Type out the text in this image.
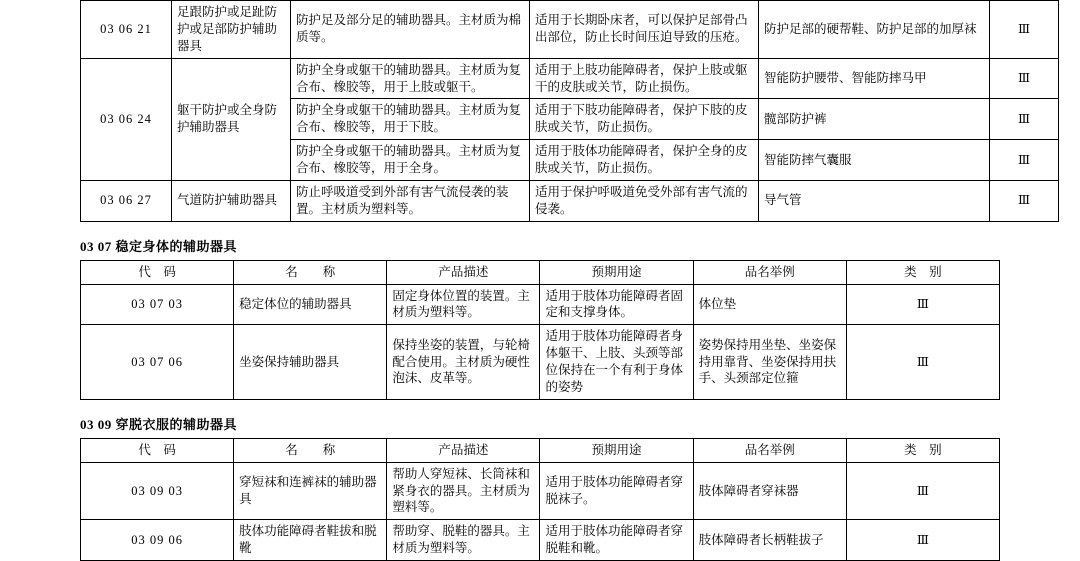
03 06 21	足跟防护或足趾防护或足部防护辅助器具	防护足及部分足的辅助器具。主材质为棉质等。	适用于长期卧床者，可以保护足部骨凸出部位，防止长时间压迫导致的压疮。	防护足部的硬帮鞋、防护足部的加厚袜	Ⅲ
03 06 24	躯干防护或全身防护辅助器具	防护全身或躯干的辅助器具。主材质为复合布、橡胶等，用于上肢或躯干。	适用于上肢功能障碍者，保护上肢或躯干的皮肤或关节，防止损伤。	智能防护腰带、智能防摔马甲	Ⅲ
		防护全身或躯干的辅助器具。主材质为复合布、橡胶等，用于下肢。	适用于下肢功能障碍者，保护下肢的皮肤或关节，防止损伤。	髋部防护裤	Ⅲ
		防护全身或躯干的辅助器具。主材质为复合布、橡胶等，用于全身。	适用于肢体功能障碍者，保护全身的皮肤或关节，防止损伤。	智能防摔气囊服	Ⅲ
03 06 27	气道防护辅助器具	防止呼吸道受到外部有害气流侵袭的装置。主材质为塑料等。	适用于保护呼吸道免受外部有害气流的侵袭。	导气管	Ⅲ
03 07 稳定身体的辅助器具
代　码	名　　称	产品描述	预期用途	品名举例	类　别
03 07 03	稳定体位的辅助器具	固定身体位置的装置。主材质为塑料等。	适用于肢体功能障碍者固定和支撑身体。	体位垫	Ⅲ
03 07 06	坐姿保持辅助器具	保持坐姿的装置，与轮椅配合使用。主材质为硬性泡沫、皮革等。	适用于肢体功能障碍者身体躯干、上肢、头颈等部位保持在一个有利于身体的姿势	姿势保持用坐垫、坐姿保持用靠背、坐姿保持用扶手、头颈部定位箍	Ⅲ
03 09 穿脱衣服的辅助器具
代　码	名　　称	产品描述	预期用途	品名举例	类　别
03 09 03	穿短袜和连裤袜的辅助器具	帮助人穿短袜、长筒袜和紧身衣的器具。主材质为塑料等。	适用于肢体功能障碍者穿脱袜子。	肢体障碍者穿袜器	Ⅲ
03 09 06	肢体功能障碍者鞋拔和脱靴	帮助穿、脱鞋的器具。主材质为塑料等。	适用于肢体功能障碍者穿脱鞋和靴。	肢体障碍者长柄鞋拔子	Ⅲ
